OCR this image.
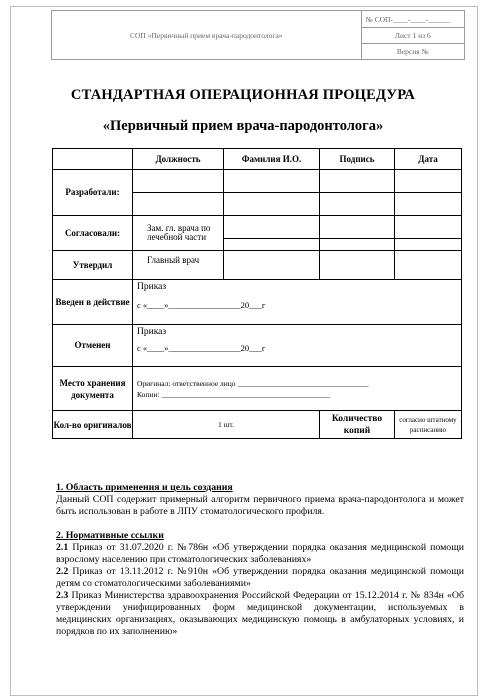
СОП «Первичный прием врача-пародонтолога»	№ СОП-____-____-______
Лист 1 из 6
Версия №
СТАНДАРТНАЯ ОПЕРАЦИОННАЯ ПРОЦЕДУРА
«Первичный прием врача-пародонтолога»
	Должность	Фамилия И.О.	Подпись	Дата
Разработали:				

Согласовали:	Зам. гл. врача по лечебной части			

Утвердил	Главный врач			
Введен в действие	Приказ
с «____»_________________20___г			

Отменен	Приказ
с «____»_________________20___г			

Место хранения документа	Оригинал: ответственное лицо ___________________________________
Копии: _____________________________________________			

Кол-во оригиналов	1 шт.		Количество копий	согласно штатному расписанию

1. Область применения и цель создания

Данный СОП содержит примерный алгоритм первичного приема врача-пародонтолога и может быть использован в работе в ЛПУ стоматологического профиля.

2. Нормативные ссылки

2.1 Приказ от 31.07.2020 г. №786н «Об утверждении порядка оказания медицинской помощи взрослому населению при стоматологических заболеваниях»

2.2 Приказ от 13.11.2012 г. №910н «Об утверждении порядка оказания медицинской помощи детям со стоматологическими заболеваниями»

2.3 Приказ Министерства здравоохранения Российской Федерации от 15.12.2014 г. № 834н «Об утверждении унифицированных форм медицинской документации, используемых в медицинских организациях, оказывающих медицинскую помощь в амбулаторных условиях, и порядков по их заполнению»
